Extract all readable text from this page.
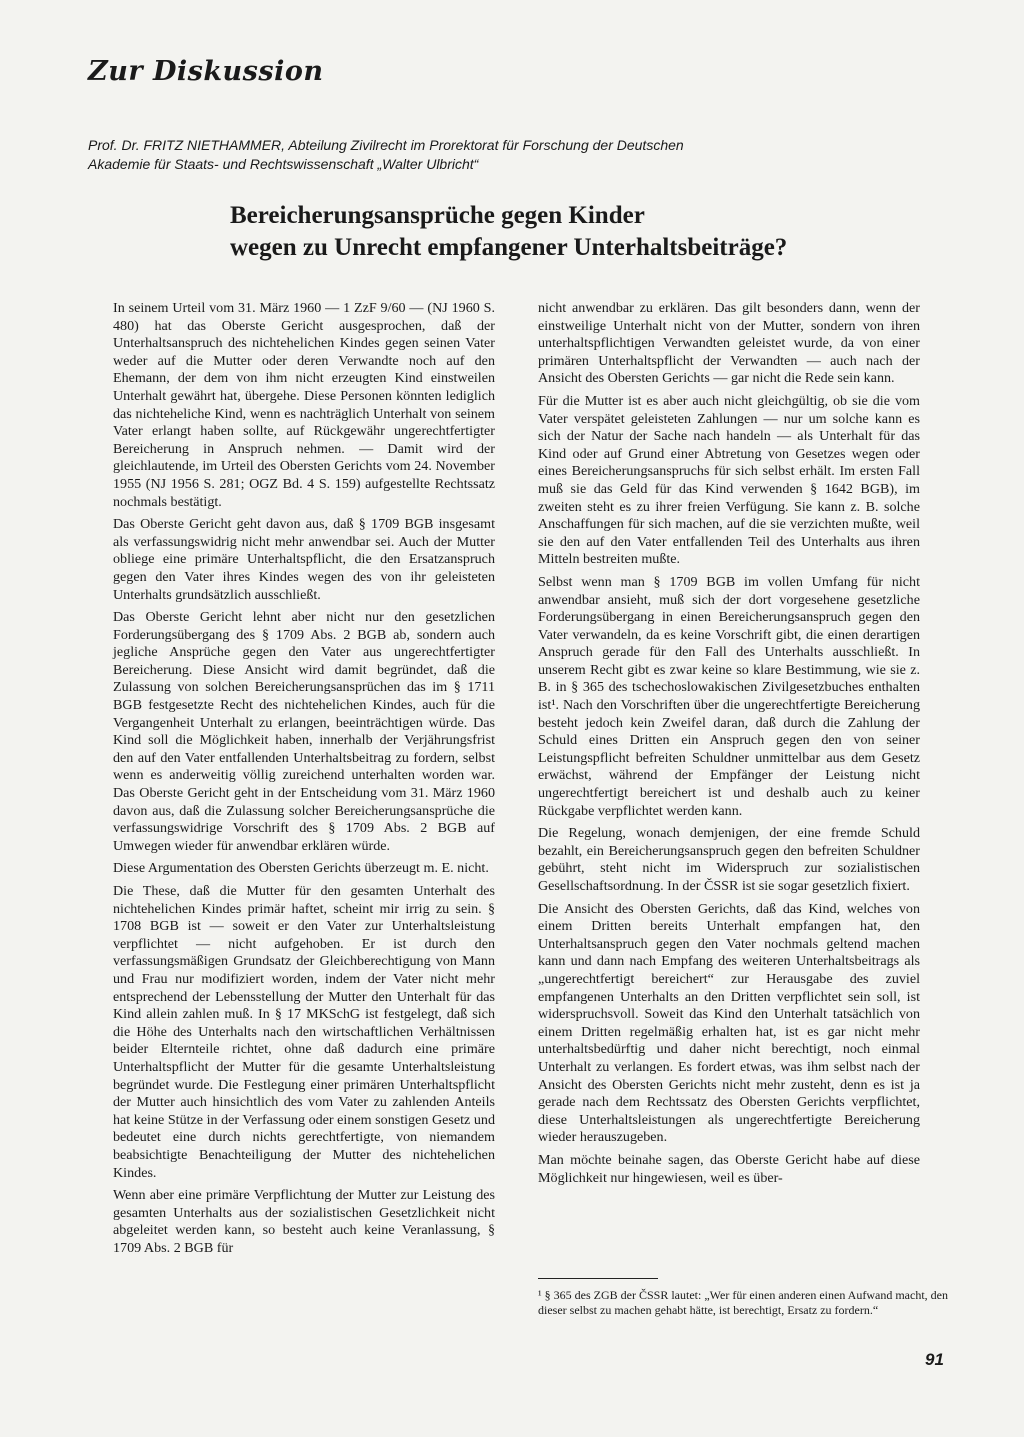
Zur Diskussion

Prof. Dr. FRITZ NIETHAMMER, Abteilung Zivilrecht im Prorektorat für Forschung der Deutschen Akademie für Staats- und Rechtswissenschaft „Walter Ulbricht“

Bereicherungsansprüche gegen Kinder
wegen zu Unrecht empfangener Unterhaltsbeiträge?

In seinem Urteil vom 31. März 1960 — 1 ZzF 9/60 — (NJ 1960 S. 480) hat das Oberste Gericht ausgesprochen, daß der Unterhaltsanspruch des nichtehelichen Kindes gegen seinen Vater weder auf die Mutter oder deren Verwandte noch auf den Ehemann, der dem von ihm nicht erzeugten Kind einstweilen Unterhalt gewährt hat, übergehe. Diese Personen könnten lediglich das nichteheliche Kind, wenn es nachträglich Unterhalt von seinem Vater erlangt haben sollte, auf Rückgewähr ungerechtfertigter Bereicherung in Anspruch nehmen. — Damit wird der gleichlautende, im Urteil des Obersten Gerichts vom 24. November 1955 (NJ 1956 S. 281; OGZ Bd. 4 S. 159) aufgestellte Rechtssatz nochmals bestätigt.

Das Oberste Gericht geht davon aus, daß § 1709 BGB insgesamt als verfassungswidrig nicht mehr anwendbar sei. Auch der Mutter obliege eine primäre Unterhaltspflicht, die den Ersatzanspruch gegen den Vater ihres Kindes wegen des von ihr geleisteten Unterhalts grundsätzlich ausschließt.

Das Oberste Gericht lehnt aber nicht nur den gesetzlichen Forderungsübergang des § 1709 Abs. 2 BGB ab, sondern auch jegliche Ansprüche gegen den Vater aus ungerechtfertigter Bereicherung. Diese Ansicht wird damit begründet, daß die Zulassung von solchen Bereicherungsansprüchen das im § 1711 BGB festgesetzte Recht des nichtehelichen Kindes, auch für die Vergangenheit Unterhalt zu erlangen, beeinträchtigen würde. Das Kind soll die Möglichkeit haben, innerhalb der Verjährungsfrist den auf den Vater entfallenden Unterhaltsbeitrag zu fordern, selbst wenn es anderweitig völlig zureichend unterhalten worden war. Das Oberste Gericht geht in der Entscheidung vom 31. März 1960 davon aus, daß die Zulassung solcher Bereicherungsansprüche die verfassungswidrige Vorschrift des § 1709 Abs. 2 BGB auf Umwegen wieder für anwendbar erklären würde.

Diese Argumentation des Obersten Gerichts überzeugt m. E. nicht.

Die These, daß die Mutter für den gesamten Unterhalt des nichtehelichen Kindes primär haftet, scheint mir irrig zu sein. § 1708 BGB ist — soweit er den Vater zur Unterhaltsleistung verpflichtet — nicht aufgehoben. Er ist durch den verfassungsmäßigen Grundsatz der Gleichberechtigung von Mann und Frau nur modifiziert worden, indem der Vater nicht mehr entsprechend der Lebensstellung der Mutter den Unterhalt für das Kind allein zahlen muß. In § 17 MKSchG ist festgelegt, daß sich die Höhe des Unterhalts nach den wirtschaftlichen Verhältnissen beider Elternteile richtet, ohne daß dadurch eine primäre Unterhaltspflicht der Mutter für die gesamte Unterhaltsleistung begründet wurde. Die Festlegung einer primären Unterhaltspflicht der Mutter auch hinsichtlich des vom Vater zu zahlenden Anteils hat keine Stütze in der Verfassung oder einem sonstigen Gesetz und bedeutet eine durch nichts gerechtfertigte, von niemandem beabsichtigte Benachteiligung der Mutter des nichtehelichen Kindes.

Wenn aber eine primäre Verpflichtung der Mutter zur Leistung des gesamten Unterhalts aus der sozialistischen Gesetzlichkeit nicht abgeleitet werden kann, so besteht auch keine Veranlassung, § 1709 Abs. 2 BGB für

nicht anwendbar zu erklären. Das gilt besonders dann, wenn der einstweilige Unterhalt nicht von der Mutter, sondern von ihren unterhaltspflichtigen Verwandten geleistet wurde, da von einer primären Unterhaltspflicht der Verwandten — auch nach der Ansicht des Obersten Gerichts — gar nicht die Rede sein kann.

Für die Mutter ist es aber auch nicht gleichgültig, ob sie die vom Vater verspätet geleisteten Zahlungen — nur um solche kann es sich der Natur der Sache nach handeln — als Unterhalt für das Kind oder auf Grund einer Abtretung von Gesetzes wegen oder eines Bereicherungsanspruchs für sich selbst erhält. Im ersten Fall muß sie das Geld für das Kind verwenden § 1642 BGB), im zweiten steht es zu ihrer freien Verfügung. Sie kann z. B. solche Anschaffungen für sich machen, auf die sie verzichten mußte, weil sie den auf den Vater entfallenden Teil des Unterhalts aus ihren Mitteln bestreiten mußte.

Selbst wenn man § 1709 BGB im vollen Umfang für nicht anwendbar ansieht, muß sich der dort vorgesehene gesetzliche Forderungsübergang in einen Bereicherungsanspruch gegen den Vater verwandeln, da es keine Vorschrift gibt, die einen derartigen Anspruch gerade für den Fall des Unterhalts ausschließt. In unserem Recht gibt es zwar keine so klare Bestimmung, wie sie z. B. in § 365 des tschechoslowakischen Zivilgesetzbuches enthalten ist¹. Nach den Vorschriften über die ungerechtfertigte Bereicherung besteht jedoch kein Zweifel daran, daß durch die Zahlung der Schuld eines Dritten ein Anspruch gegen den von seiner Leistungspflicht befreiten Schuldner unmittelbar aus dem Gesetz erwächst, während der Empfänger der Leistung nicht ungerechtfertigt bereichert ist und deshalb auch zu keiner Rückgabe verpflichtet werden kann.

Die Regelung, wonach demjenigen, der eine fremde Schuld bezahlt, ein Bereicherungsanspruch gegen den befreiten Schuldner gebührt, steht nicht im Widerspruch zur sozialistischen Gesellschaftsordnung. In der ČSSR ist sie sogar gesetzlich fixiert.

Die Ansicht des Obersten Gerichts, daß das Kind, welches von einem Dritten bereits Unterhalt empfangen hat, den Unterhaltsanspruch gegen den Vater nochmals geltend machen kann und dann nach Empfang des weiteren Unterhaltsbeitrags als „ungerechtfertigt bereichert“ zur Herausgabe des zuviel empfangenen Unterhalts an den Dritten verpflichtet sein soll, ist widerspruchsvoll. Soweit das Kind den Unterhalt tatsächlich von einem Dritten regelmäßig erhalten hat, ist es gar nicht mehr unterhaltsbedürftig und daher nicht berechtigt, noch einmal Unterhalt zu verlangen. Es fordert etwas, was ihm selbst nach der Ansicht des Obersten Gerichts nicht mehr zusteht, denn es ist ja gerade nach dem Rechtssatz des Obersten Gerichts verpflichtet, diese Unterhaltsleistungen als ungerechtfertigte Bereicherung wieder herauszugeben.

Man möchte beinahe sagen, das Oberste Gericht habe auf diese Möglichkeit nur hingewiesen, weil es über-

¹ § 365 des ZGB der ČSSR lautet: „Wer für einen anderen einen Aufwand macht, den dieser selbst zu machen gehabt hätte, ist berechtigt, Ersatz zu fordern.“

91
